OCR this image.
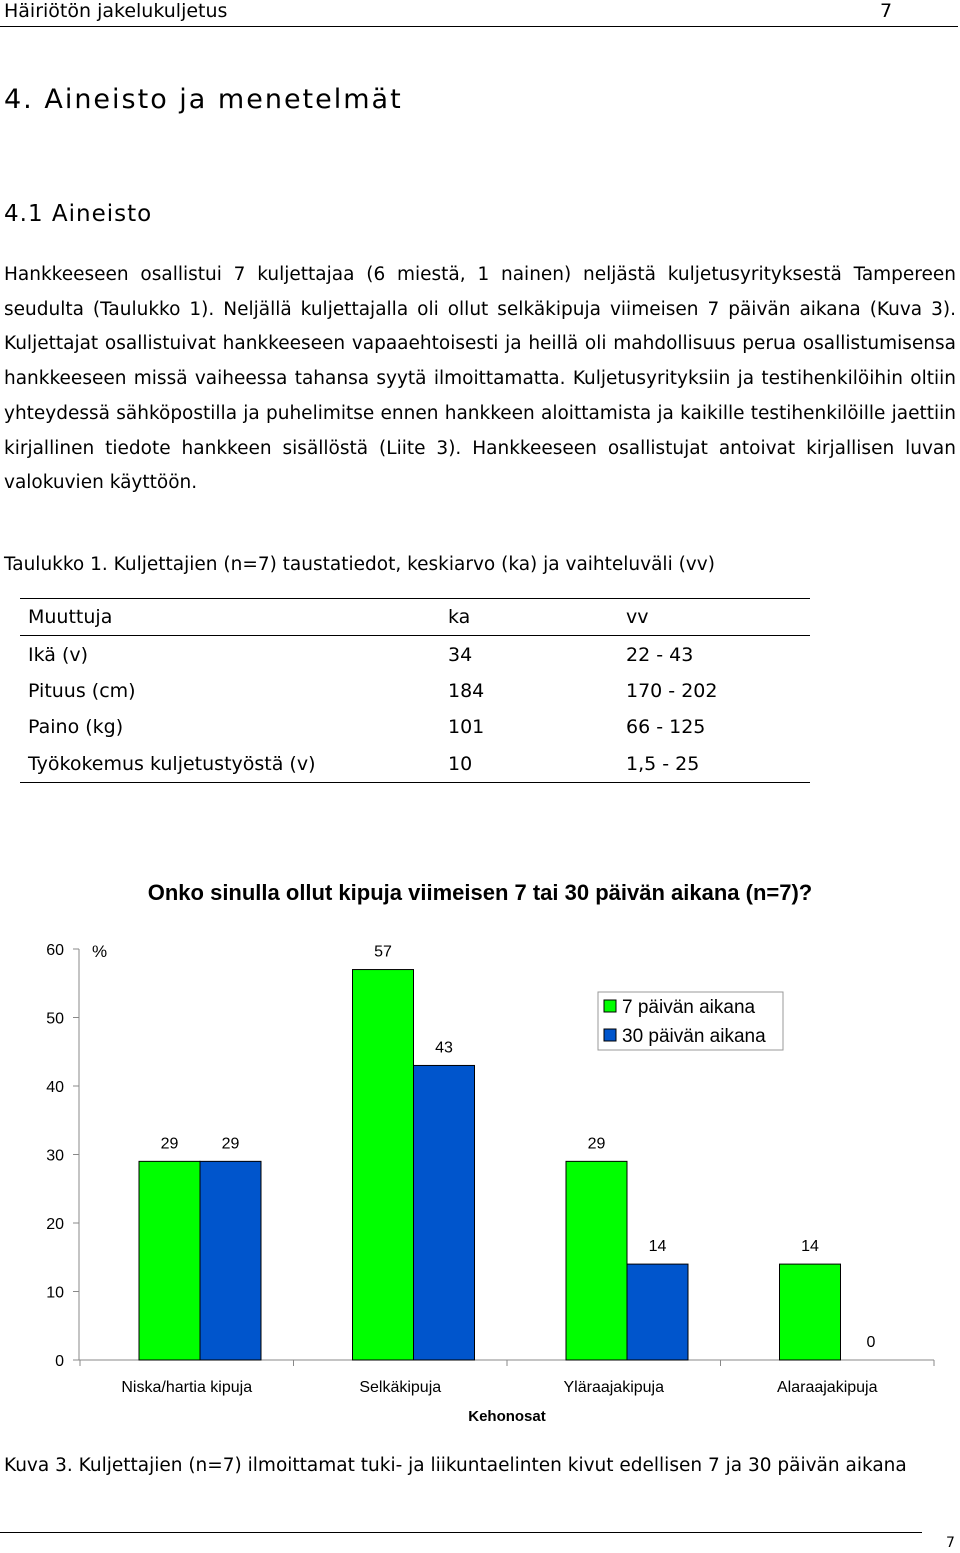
Häiriötön jakelukuljetus	7
4. Aineisto ja menetelmät
4.1 Aineisto
Hankkeeseen osallistui 7 kuljettajaa (6 miestä, 1 nainen) neljästä kuljetusyrityksestä Tampereen seudulta (Taulukko 1). Neljällä kuljettajalla oli ollut selkäkipuja viimeisen 7 päivän aikana (Kuva 3). Kuljettajat osallistuivat hankkeeseen vapaaehtoisesti ja heillä oli mahdollisuus perua osallistumisensa hankkeeseen missä vaiheessa tahansa syytä ilmoittamatta. Kuljetusyrityksiin ja testihenkilöihin oltiin yhteydessä sähköpostilla ja puhelimitse ennen hankkeen aloittamista ja kaikille testihenkilöille jaettiin kirjallinen tiedote hankkeen sisällöstä (Liite 3). Hankkeeseen osallistujat antoivat kirjallisen luvan valokuvien käyttöön.
Taulukko 1. Kuljettajien (n=7) taustatiedot, keskiarvo (ka) ja vaihteluväli (vv)
Muuttuja	ka	vv
Ikä (v)	34	22 - 43
Pituus (cm)	184	170 - 202
Paino (kg)	101	66 - 125
Työkokemus kuljetustyöstä (v)	10	1,5 - 25
Onko sinulla ollut kipuja viimeisen 7 tai 30 päivän aikana (n=7)?
0
10
20
30
40
50
60 %
29	29
Niska/hartia kipuja
57
43
Selkäkipuja
29
14
Yläraajakipuja
14
0
Alaraajakipuja
Kehonosat
7 päivän aikana
30 päivän aikana
Kuva 3. Kuljettajien (n=7) ilmoittamat tuki- ja liikuntaelinten kivut edellisen 7 ja 30 päivän aikana
7
